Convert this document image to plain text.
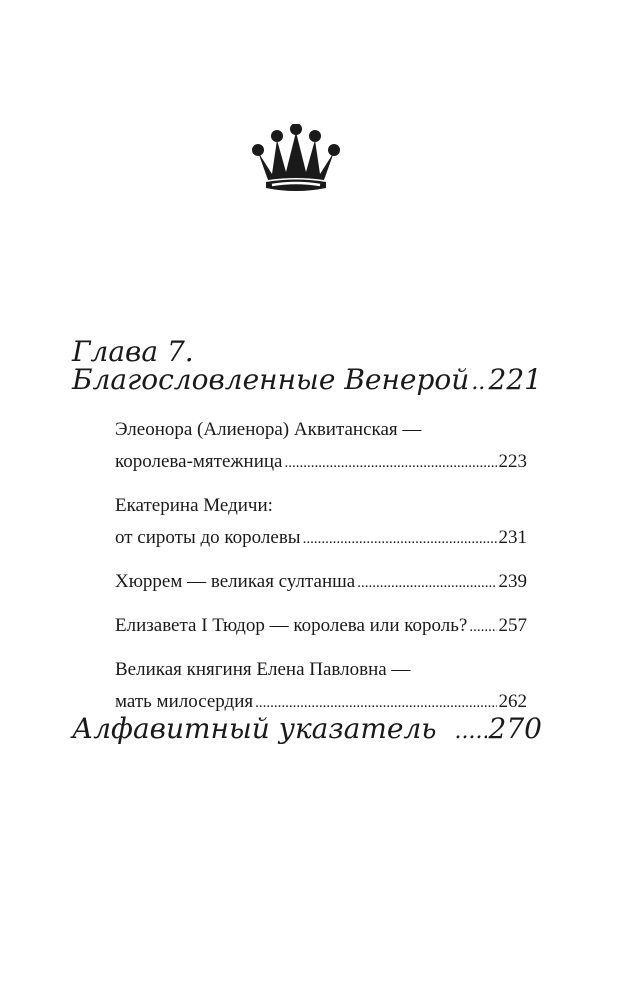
Глава 7.
Благословленные Венерой ..... 221
Элеонора (Алиенора) Аквитанская —
королева-мятежница .....	223
Екатерина Медичи:
от сироты до королевы .....	231
Хюррем — великая султанша .....	239
Елизавета I Тюдор — королева или король? ..... 257
Великая княгиня Елена Павловна —
мать милосердия .....	262
Алфавитный указатель ..... 270
